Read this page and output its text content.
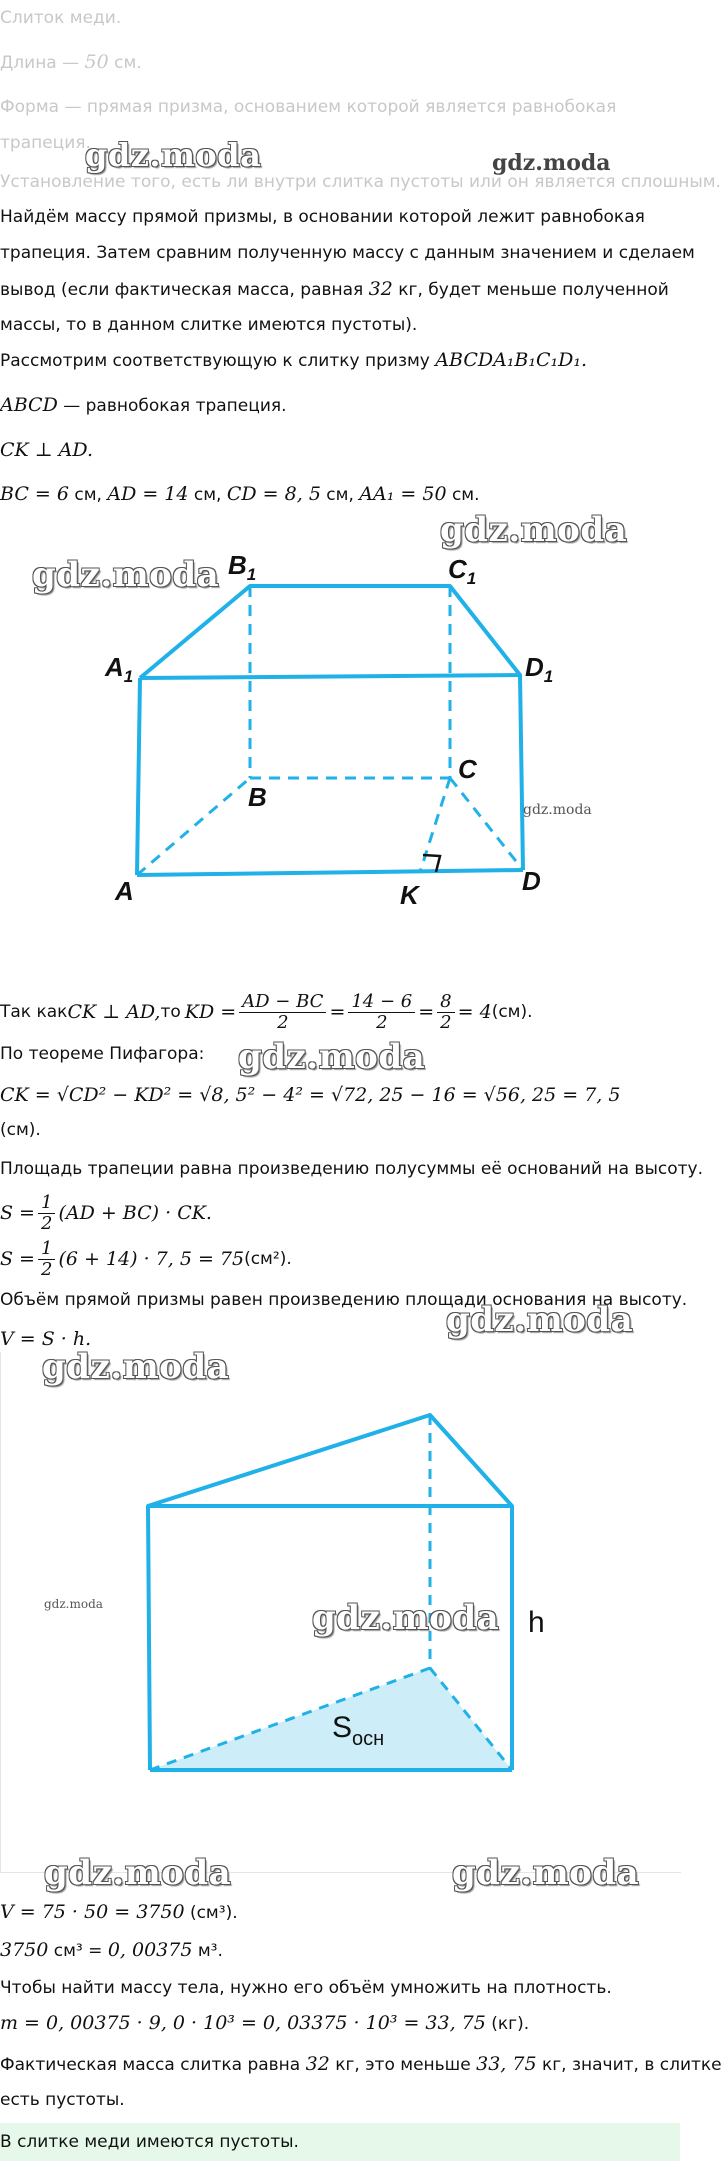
Слиток меди.
Длина — 50 см.
Форма — прямая призма, основанием которой является равнобокая
трапеция.
Установление того, есть ли внутри слитка пустоты или он является сплошным.
Найдём массу прямой призмы, в основании которой лежит равнобокая
трапеция. Затем сравним полученную массу с данным значением и сделаем
вывод (если фактическая масса, равная 32 кг, будет меньше полученной
массы, то в данном слитке имеются пустоты).
Рассмотрим соответствующую к слитку призму ABCDA₁B₁C₁D₁.
ABCD — равнобокая трапеция.
CK ⊥ AD.
BC = 6 см, AD = 14 см, CD = 8, 5 см, AA₁ = 50 см.
$A_1$
$B_1$	$C_1$
$D_1$
B
C
A	K	D
Так как CK ⊥ AD, то KD = $\frac{AD - BC}{2} = \frac{14 - 6}{2} = \frac{8}{2} = 4$ (см).
По теореме Пифагора:
CK = √CD² − KD² = √8, 5² − 4² = √72, 25 − 16 = √56, 25 = 7, 5
(см).
Площадь трапеции равна произведению полусуммы её оснований на высоту.
$S = \frac{1}{2} (AD + BC)$ · CK.
$S = \frac{1}{2} (6 + 14) \cdot 7$, 5 = 75 (см²).
Объём прямой призмы равен произведению площади основания на высоту.
V = S · h.
h
$S_{осн}$
V = 75 · 50 = 3750 (см³).
3750 см³ = 0, 00375 м³.
Чтобы найти массу тела, нужно его объём умножить на плотность.
m = 0, 00375 · 9, 0 · 10³ = 0, 03375 · 10³ = 33, 75 (кг).
Фактическая масса слитка равна 32 кг, это меньше 33, 75 кг, значит, в слитке
есть пустоты.
В слитке меди имеются пустоты.
gdz.moda	gdz.moda
gdz.moda
gdz.moda
gdz.moda
gdz.moda
gdz.moda
gdz.moda
gdz.moda	gdz.moda
gdz.moda	gdz.moda
